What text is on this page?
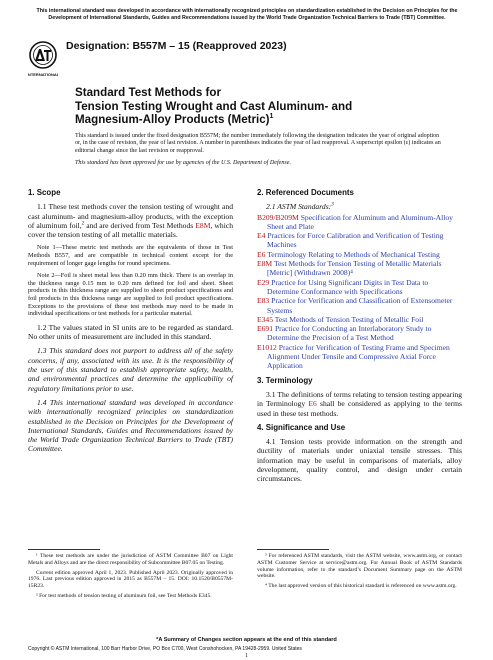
This international standard was developed in accordance with internationally recognized principles on standardization established in the Decision on Principles for the Development of International Standards, Guides and Recommendations issued by the World Trade Organization Technical Barriers to Trade (TBT) Committee.
INTERNATIONAL
Designation: B557M – 15 (Reapproved 2023)
Standard Test Methods for
Tension Testing Wrought and Cast Aluminum- and
Magnesium-Alloy Products (Metric)$^1$
This standard is issued under the fixed designation B557M; the number immediately following the designation indicates the year of original adoption or, in the case of revision, the year of last revision. A number in parentheses indicates the year of last reapproval. A superscript epsilon (ε) indicates an editorial change since the last revision or reapproval.
This standard has been approved for use by agencies of the U.S. Department of Defense.
1. Scope
1.1 These test methods cover the tension testing of wrought and cast aluminum- and magnesium-alloy products, with the exception of aluminum foil,$^2$ and are derived from Test Methods E8M, which cover the tension testing of all metallic materials.
Note 1—These metric test methods are the equivalents of those in Test Methods B557, and are compatible in technical content except for the requirement of longer gage lengths for round specimens.
Note 2—Foil is sheet metal less than 0.20 mm thick. There is an overlap in the thickness range 0.15 mm to 0.20 mm defined for foil and sheet. Sheet products in this thickness range are supplied to sheet product specifications and foil products in this thickness range are supplied to foil product specifications. Exceptions to the provisions of these test methods may need to be made in individual specifications or test methods for a particular material.
1.2 The values stated in SI units are to be regarded as standard. No other units of measurement are included in this standard.
1.3 This standard does not purport to address all of the safety concerns, if any, associated with its use. It is the responsibility of the user of this standard to establish appropriate safety, health, and environmental practices and determine the applicability of regulatory limitations prior to use.
1.4 This international standard was developed in accordance with internationally recognized principles on standardization established in the Decision on Principles for the Development of International Standards, Guides and Recommendations issued by the World Trade Organization Technical Barriers to Trade (TBT) Committee.
2. Referenced Documents
2.1 ASTM Standards:$^3$
B209/B209M Specification for Aluminum and Aluminum-Alloy Sheet and Plate
E4 Practices for Force Calibration and Verification of Testing Machines
E6 Terminology Relating to Methods of Mechanical Testing
E8M Test Methods for Tension Testing of Metallic Materials [Metric] (Withdrawn 2008)⁴
E29 Practice for Using Significant Digits in Test Data to Determine Conformance with Specifications
E83 Practice for Verification and Classification of Extensometer Systems
E345 Test Methods of Tension Testing of Metallic Foil
E691 Practice for Conducting an Interlaboratory Study to Determine the Precision of a Test Method
E1012 Practice for Verification of Testing Frame and Specimen Alignment Under Tensile and Compressive Axial Force Application
3. Terminology
3.1 The definitions of terms relating to tension testing appearing in Terminology E6 shall be considered as applying to the terms used in these test methods.
4. Significance and Use
4.1 Tension tests provide information on the strength and ductility of materials under uniaxial tensile stresses. This information may be useful in comparisons of materials, alloy development, quality control, and design under certain circumstances.
¹ These test methods are under the jurisdiction of ASTM Committee B07 on Light Metals and Alloys and are the direct responsibility of Subcommittee B07.05 on Testing.
Current edition approved April 1, 2023. Published April 2023. Originally approved in 1976. Last previous edition approved in 2015 as B557M – 15. DOI: 10.1520/B0557M-15R23.
² For test methods of tension testing of aluminum foil, see Test Methods E345.
³ For referenced ASTM standards, visit the ASTM website, www.astm.org, or contact ASTM Customer Service at service@astm.org. For Annual Book of ASTM Standards volume information, refer to the standard’s Document Summary page on the ASTM website.
⁴ The last approved version of this historical standard is referenced on www.astm.org.
*A Summary of Changes section appears at the end of this standard
Copyright © ASTM International, 100 Barr Harbor Drive, PO Box C700, West Conshohocken, PA 19428-2959. United States
1
